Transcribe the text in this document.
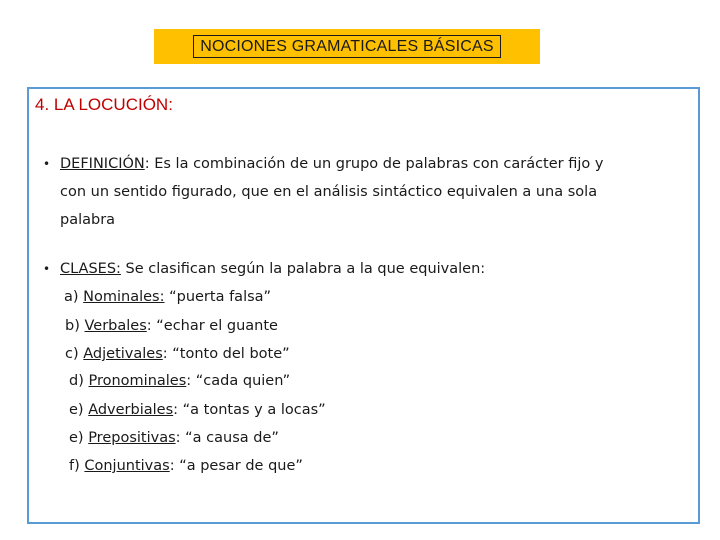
NOCIONES GRAMATICALES BÁSICAS
4. LA LOCUCIÓN:
• DEFINICIÓN: Es la combinación de un grupo de palabras con carácter fijo y
con un sentido figurado, que en el análisis sintáctico equivalen a una sola
palabra
• CLASES: Se clasifican según la palabra a la que equivalen:
a) Nominales: “puerta falsa”
b) Verbales: “echar el guante
c) Adjetivales: “tonto del bote”
d) Pronominales: “cada quien”
e) Adverbiales: “a tontas y a locas”
e) Prepositivas: “a causa de”
f) Conjuntivas: “a pesar de que”
